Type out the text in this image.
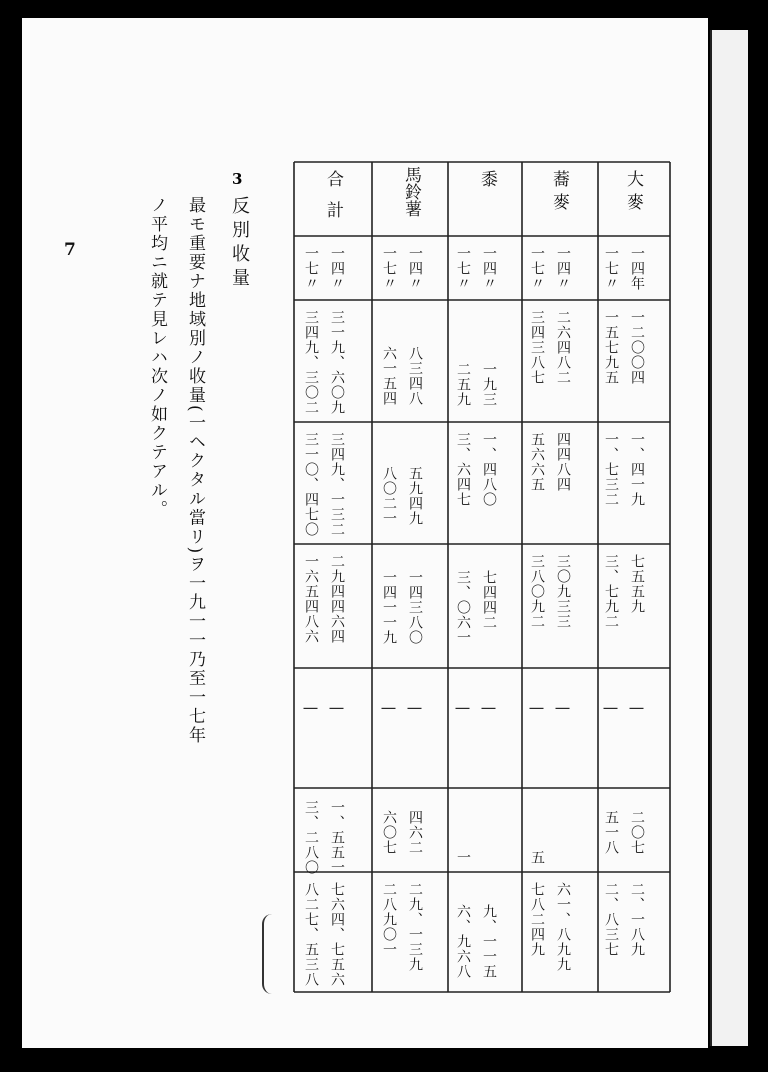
7
3
反別收量
最モ重要ナ地域別ノ收量(一ヘクタル當リ)ヲ一九一一乃至一七年
ノ平均ニ就テ見レハ次ノ如クテアル。
大麥
一四年
一七〃
一二〇〇四
一五七九五
一、四一九
一、七三二
七五五九
三、七九二
|
|
二〇七
五一八
二、一八九
二、八三七
蕎麥
一四〃
一七〃
二六四八二
三四三八七
四四八四
五六六五
三〇九三三
三八〇九二
|
|
五
六一、八九九
七八二四九
黍
一四〃
一七〃
一九三
二五九
一、四八〇
三、六四七
七四四二
三、〇六一
|
|
一
九、一一五
六、九六八
馬鈴薯
一四〃
一七〃
八三四八
六一五四
五九四九
八〇二一
一四三八〇
一四一一九
|
|
四六二
六〇七
二九、一三九
二八九〇一
合計
一四〃
一七〃
三一九、六〇九
三四九、三〇二
三四九、一三二
三一〇、四七〇
二九四四六四
一六五四八六
|
|
一、五五一
三、二八〇
七六四、七五六
八二七、五三八
